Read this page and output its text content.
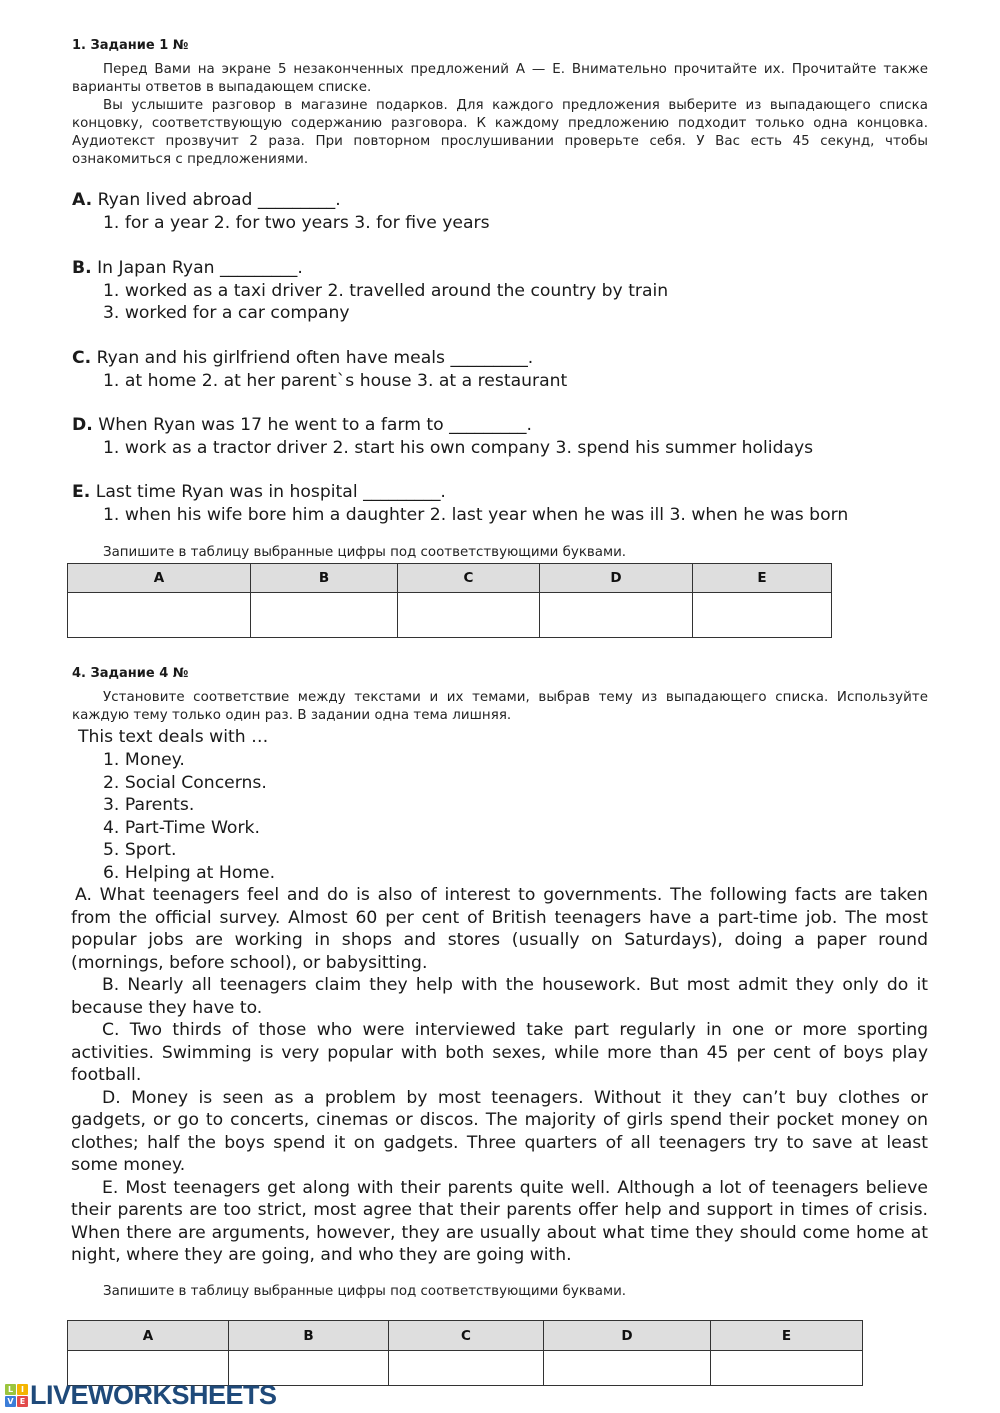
1. Задание 1 №

Перед Вами на экране 5 незаконченных предложений А — Е. Внимательно прочитайте их. Прочитайте также варианты ответов в выпадающем списке.

Вы услышите разговор в магазине подарков. Для каждого предложения выберите из выпадающего списка концовку, соответствующую содержанию разговора. К каждому предложению подходит только одна концовка. Аудиотекст прозвучит 2 раза. При повторном прослушивании проверьте себя. У Вас есть 45 секунд, чтобы ознакомиться с предложениями.

A. Ryan lived abroad _________.
1. for a year 2. for two years 3. for five years
B. In Japan Ryan _________.
1. worked as a taxi driver 2. travelled around the country by train
3. worked for a car company
C. Ryan and his girlfriend often have meals _________.
1. at home 2. at her parent`s house 3. at a restaurant
D. When Ryan was 17 he went to a farm to _________.
1. work as a tractor driver 2. start his own company 3. spend his summer holidays
E. Last time Ryan was in hospital _________.
1. when his wife bore him a daughter 2. last year when he was ill 3. when he was born
Запишите в таблицу выбранные цифры под соответствующими буквами.
A	B	C	D	E

4. Задание 4 №

Установите соответствие между текстами и их темами, выбрав тему из выпадающего списка. Используйте каждую тему только один раз. В задании одна тема лишняя.

This text deals with …
1. Money.
2. Social Concerns.
3. Parents.
4. Part-Time Work.
5. Sport.
6. Helping at Home.

A. What teenagers feel and do is also of interest to governments. The following facts are taken from the official survey. Almost 60 per cent of British teenagers have a part-time job. The most popular jobs are working in shops and stores (usually on Saturdays), doing a paper round (mornings, before school), or babysitting.

B. Nearly all teenagers claim they help with the housework. But most admit they only do it because they have to.

C. Two thirds of those who were interviewed take part regularly in one or more sporting activities. Swimming is very popular with both sexes, while more than 45 per cent of boys play football.

D. Money is seen as a problem by most teenagers. Without it they can’t buy clothes or gadgets, or go to concerts, cinemas or discos. The majority of girls spend their pocket money on clothes; half the boys spend it on gadgets. Three quarters of all teenagers try to save at least some money.

E. Most teenagers get along with their parents quite well. Although a lot of teenagers believe their parents are too strict, most agree that their parents offer help and support in times of crisis. When there are arguments, however, they are usually about what time they should come home at night, where they are going, and who they are going with.

Запишите в таблицу выбранные цифры под соответствующими буквами.
A	B	C	D	E

L I
V E LIVEWORKSHEETS
